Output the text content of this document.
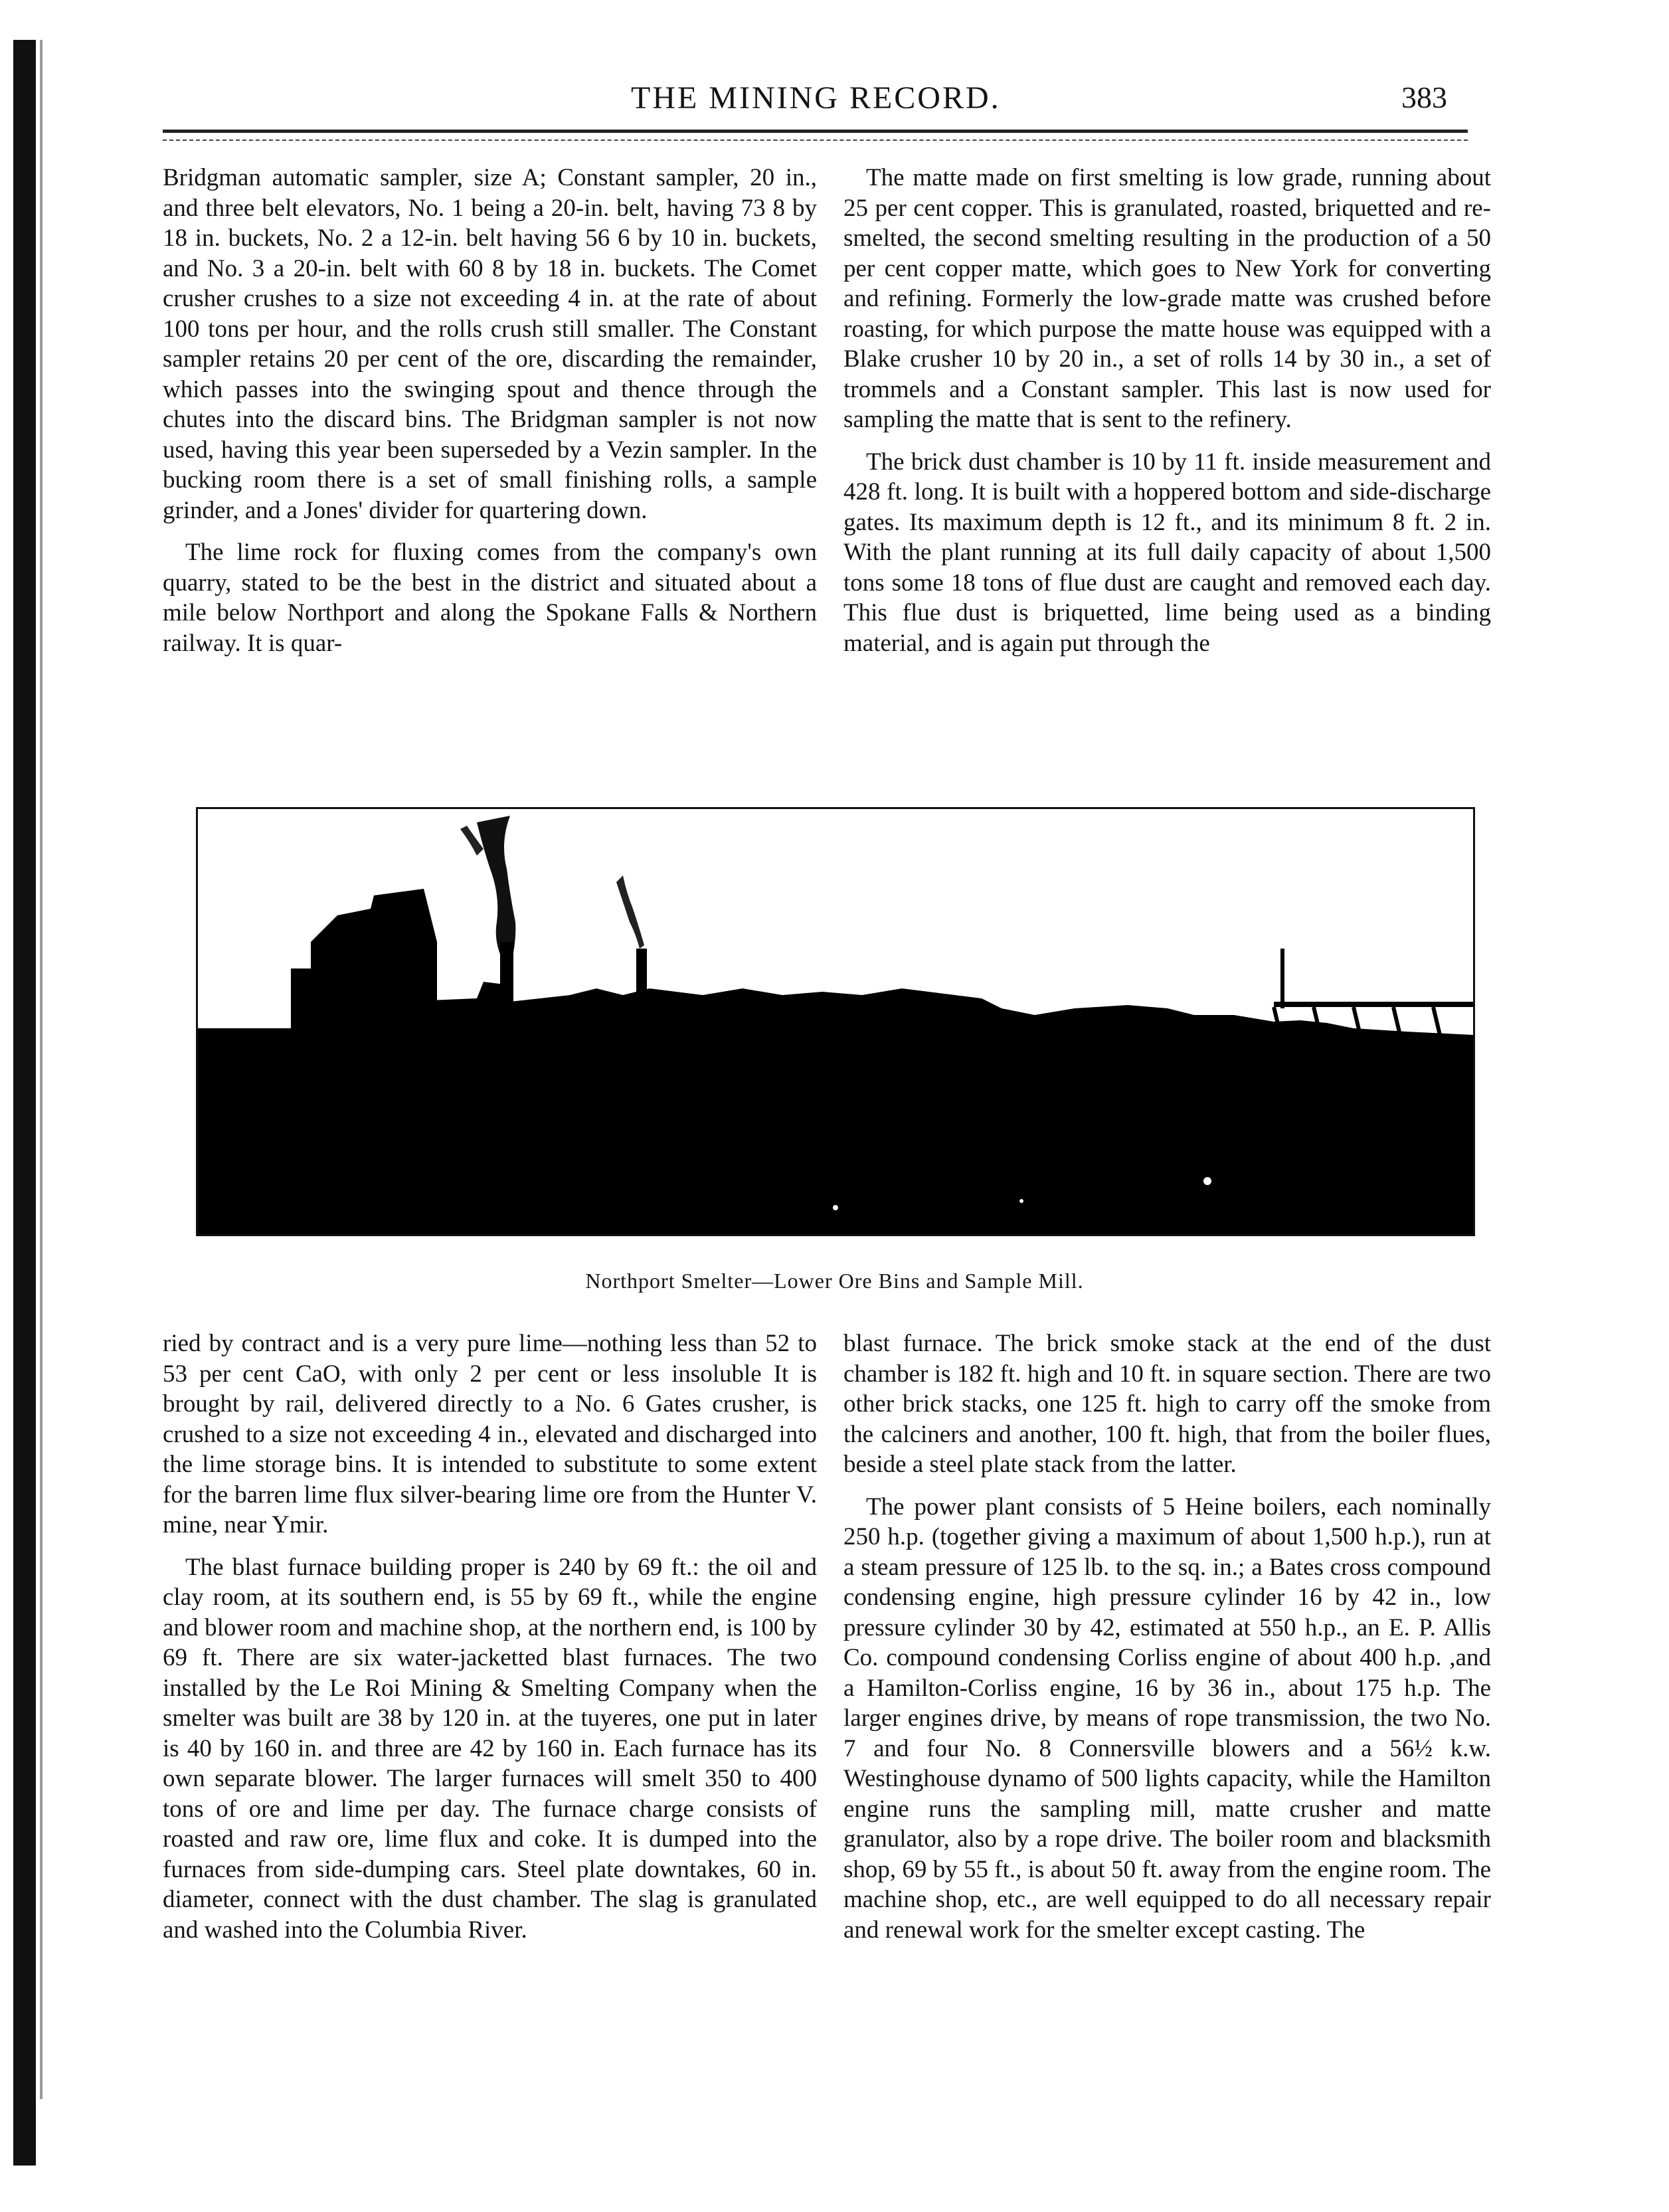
THE MINING RECORD.	383

Bridgman automatic sampler, size A; Constant sampler, 20 in., and three belt elevators, No. 1 being a 20-in. belt, having 73 8 by 18 in. buckets, No. 2 a 12-in. belt having 56 6 by 10 in. buckets, and No. 3 a 20-in. belt with 60 8 by 18 in. buckets. The Comet crusher crushes to a size not exceeding 4 in. at the rate of about 100 tons per hour, and the rolls crush still smaller. The Constant sampler retains 20 per cent of the ore, discarding the remainder, which passes into the swinging spout and thence through the chutes into the discard bins. The Bridgman sampler is not now used, having this year been superseded by a Vezin sampler. In the bucking room there is a set of small finishing rolls, a sample grinder, and a Jones' divider for quartering down.

The lime rock for fluxing comes from the company's own quarry, stated to be the best in the district and situated about a mile below Northport and along the Spokane Falls & Northern railway. It is quar-

The matte made on first smelting is low grade, running about 25 per cent copper. This is granulated, roasted, briquetted and re-smelted, the second smelting resulting in the production of a 50 per cent copper matte, which goes to New York for converting and refining. Formerly the low-grade matte was crushed before roasting, for which purpose the matte house was equipped with a Blake crusher 10 by 20 in., a set of rolls 14 by 30 in., a set of trommels and a Constant sampler. This last is now used for sampling the matte that is sent to the refinery.

The brick dust chamber is 10 by 11 ft. inside measurement and 428 ft. long. It is built with a hoppered bottom and side-discharge gates. Its maximum depth is 12 ft., and its minimum 8 ft. 2 in. With the plant running at its full daily capacity of about 1,500 tons some 18 tons of flue dust are caught and removed each day. This flue dust is briquetted, lime being used as a binding material, and is again put through the

Northport Smelter—Lower Ore Bins and Sample Mill.

ried by contract and is a very pure lime—nothing less than 52 to 53 per cent CaO, with only 2 per cent or less insoluble It is brought by rail, delivered directly to a No. 6 Gates crusher, is crushed to a size not exceeding 4 in., elevated and discharged into the lime storage bins. It is intended to substitute to some extent for the barren lime flux silver-bearing lime ore from the Hunter V. mine, near Ymir.

The blast furnace building proper is 240 by 69 ft.: the oil and clay room, at its southern end, is 55 by 69 ft., while the engine and blower room and machine shop, at the northern end, is 100 by 69 ft. There are six water-jacketted blast furnaces. The two installed by the Le Roi Mining & Smelting Company when the smelter was built are 38 by 120 in. at the tuyeres, one put in later is 40 by 160 in. and three are 42 by 160 in. Each furnace has its own separate blower. The larger furnaces will smelt 350 to 400 tons of ore and lime per day. The furnace charge consists of roasted and raw ore, lime flux and coke. It is dumped into the furnaces from side-dumping cars. Steel plate downtakes, 60 in. diameter, connect with the dust chamber. The slag is granulated and washed into the Columbia River.

blast furnace. The brick smoke stack at the end of the dust chamber is 182 ft. high and 10 ft. in square section. There are two other brick stacks, one 125 ft. high to carry off the smoke from the calciners and another, 100 ft. high, that from the boiler flues, beside a steel plate stack from the latter.

The power plant consists of 5 Heine boilers, each nominally 250 h.p. (together giving a maximum of about 1,500 h.p.), run at a steam pressure of 125 lb. to the sq. in.; a Bates cross compound condensing engine, high pressure cylinder 16 by 42 in., low pressure cylinder 30 by 42, estimated at 550 h.p., an E. P. Allis Co. compound condensing Corliss engine of about 400 h.p. ,and a Hamilton-Corliss engine, 16 by 36 in., about 175 h.p. The larger engines drive, by means of rope transmission, the two No. 7 and four No. 8 Connersville blowers and a 56½ k.w. Westinghouse dynamo of 500 lights capacity, while the Hamilton engine runs the sampling mill, matte crusher and matte granulator, also by a rope drive. The boiler room and blacksmith shop, 69 by 55 ft., is about 50 ft. away from the engine room. The machine shop, etc., are well equipped to do all necessary repair and renewal work for the smelter except casting. The
